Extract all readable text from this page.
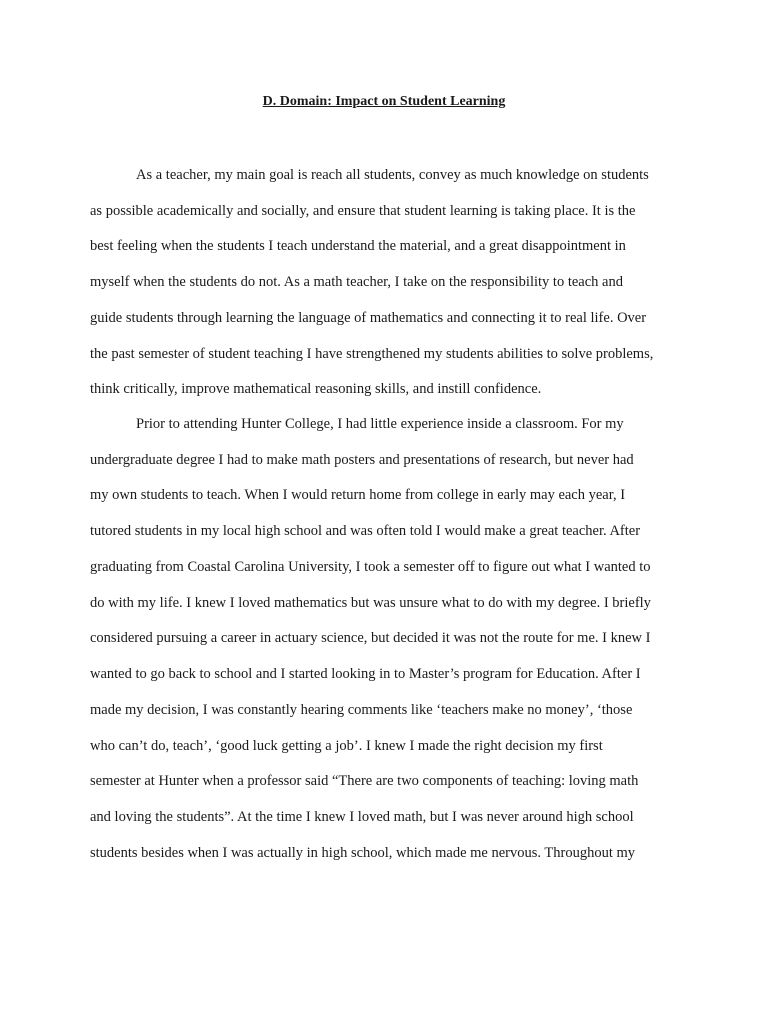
D. Domain: Impact on Student Learning
As a teacher, my main goal is reach all students, convey as much knowledge on students
as possible academically and socially, and ensure that student learning is taking place. It is the
best feeling when the students I teach understand the material, and a great disappointment in
myself when the students do not. As a math teacher, I take on the responsibility to teach and
guide students through learning the language of mathematics and connecting it to real life. Over
the past semester of student teaching I have strengthened my students abilities to solve problems,
think critically, improve mathematical reasoning skills, and instill confidence.
Prior to attending Hunter College, I had little experience inside a classroom. For my
undergraduate degree I had to make math posters and presentations of research, but never had
my own students to teach. When I would return home from college in early may each year, I
tutored students in my local high school and was often told I would make a great teacher. After
graduating from Coastal Carolina University, I took a semester off to figure out what I wanted to
do with my life. I knew I loved mathematics but was unsure what to do with my degree. I briefly
considered pursuing a career in actuary science, but decided it was not the route for me. I knew I
wanted to go back to school and I started looking in to Master’s program for Education. After I
made my decision, I was constantly hearing comments like ‘teachers make no money’, ‘those
who can’t do, teach’, ‘good luck getting a job’. I knew I made the right decision my first
semester at Hunter when a professor said “There are two components of teaching: loving math
and loving the students”. At the time I knew I loved math, but I was never around high school
students besides when I was actually in high school, which made me nervous. Throughout my
